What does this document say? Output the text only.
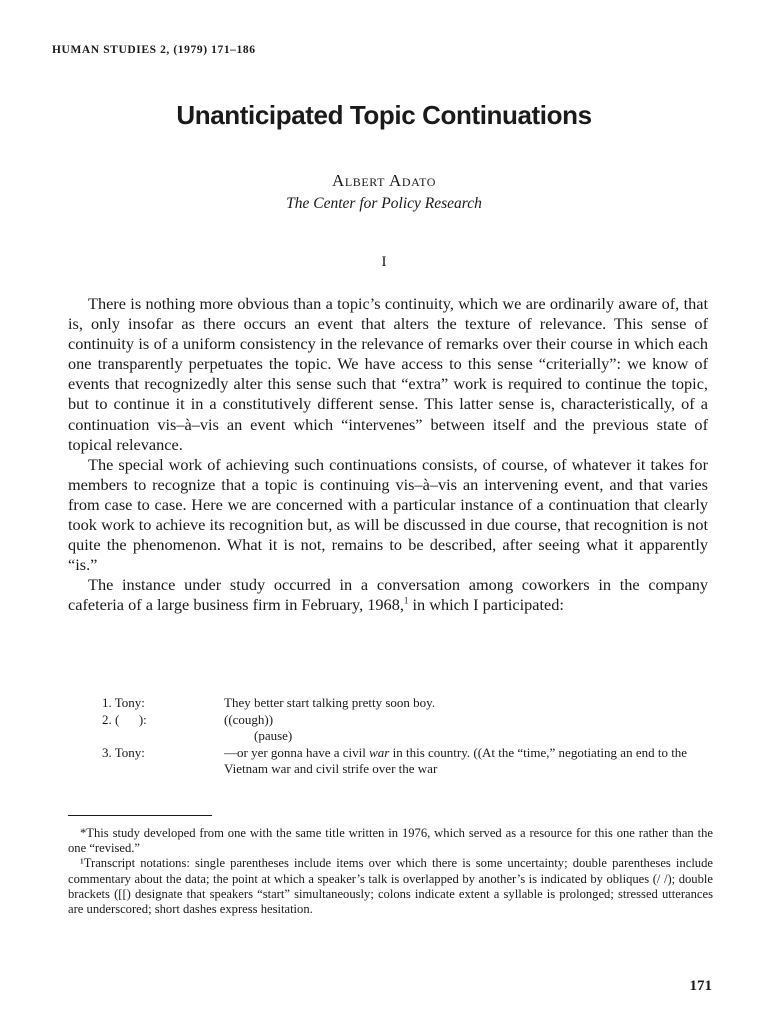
HUMAN STUDIES 2, (1979) 171–186
Unanticipated Topic Continuations
Albert Adato
The Center for Policy Research
I

There is nothing more obvious than a topic’s continuity, which we are ordinarily aware of, that is, only insofar as there occurs an event that alters the texture of relevance. This sense of continuity is of a uniform consistency in the relevance of remarks over their course in which each one transparently perpetuates the topic. We have access to this sense “criterially”: we know of events that recognizedly alter this sense such that “extra” work is required to continue the topic, but to continue it in a constitutively different sense. This latter sense is, characteristically, of a continuation vis–à–vis an event which “intervenes” between itself and the previous state of topical relevance.

The special work of achieving such continuations consists, of course, of whatever it takes for members to recognize that a topic is continuing vis–à–vis an intervening event, and that varies from case to case. Here we are concerned with a particular instance of a continuation that clearly took work to achieve its recognition but, as will be discussed in due course, that recognition is not quite the phenomenon. What it is not, remains to be described, after seeing what it apparently “is.”

The instance under study occurred in a conversation among coworkers in the company cafeteria of a large business firm in February, 1968,$^1$ in which I participated:

1. Tony:	They better start talking pretty soon boy.
2. (      ):	((cough))
(pause)
3. Tony:	—or yer gonna have a civil war in this country. ((At the “time,” negotiating an end to the Vietnam war and civil strife over the war

*This study developed from one with the same title written in 1976, which served as a resource for this one rather than the one “revised.”

¹Transcript notations: single parentheses include items over which there is some uncertainty; double parentheses include commentary about the data; the point at which a speaker’s talk is overlapped by another’s is indicated by obliques (/ /); double brackets ([[) designate that speakers “start” simultaneously; colons indicate extent a syllable is prolonged; stressed utterances are underscored; short dashes express hesitation.

171
